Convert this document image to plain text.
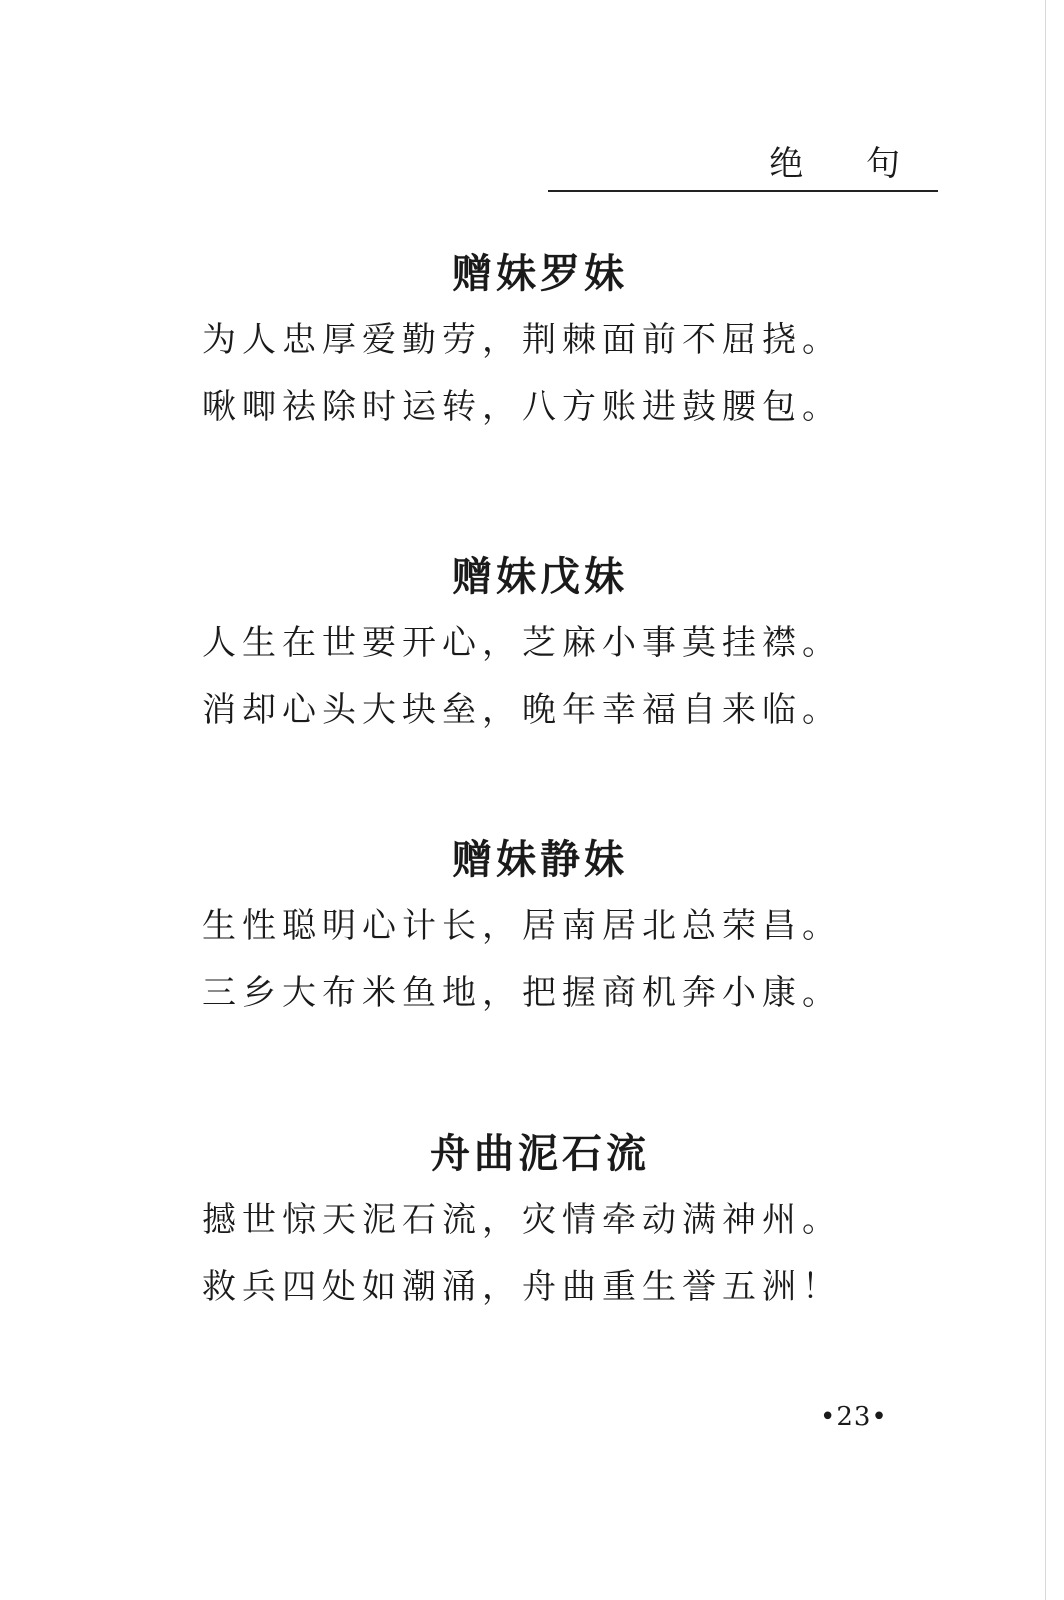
绝 句
赠妹罗妹
为人忠厚爱勤劳，荆棘面前不屈挠。
啾唧祛除时运转，八方账进鼓腰包。
赠妹戊妹
人生在世要开心，芝麻小事莫挂襟。
消却心头大块垒，晚年幸福自来临。
赠妹静妹
生性聪明心计长，居南居北总荣昌。
三乡大布米鱼地，把握商机奔小康。
舟曲泥石流
撼世惊天泥石流，灾情牵动满神州。
救兵四处如潮涌，舟曲重生誉五洲！
•23•
